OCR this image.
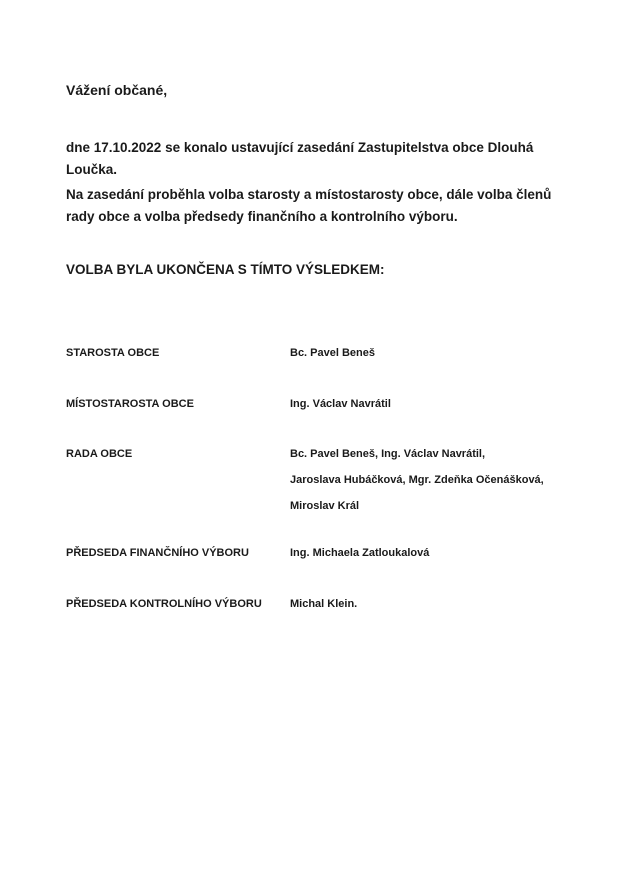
Vážení občané,
dne 17.10.2022 se konalo ustavující zasedání Zastupitelstva obce Dlouhá Loučka.
Na zasedání proběhla volba starosty a místostarosty obce, dále volba členů rady obce a volba předsedy finančního a kontrolního výboru.
VOLBA BYLA UKONČENA S TÍMTO VÝSLEDKEM:
STAROSTA OBCE	Bc. Pavel Beneš
MÍSTOSTAROSTA OBCE	Ing. Václav Navrátil
RADA OBCE	Bc. Pavel Beneš, Ing. Václav Navrátil,
Jaroslava Hubáčková, Mgr. Zdeňka Očenášková,
Miroslav Král
PŘEDSEDA FINANČNÍHO VÝBORU	Ing. Michaela Zatloukalová
PŘEDSEDA KONTROLNÍHO VÝBORU	Michal Klein.
